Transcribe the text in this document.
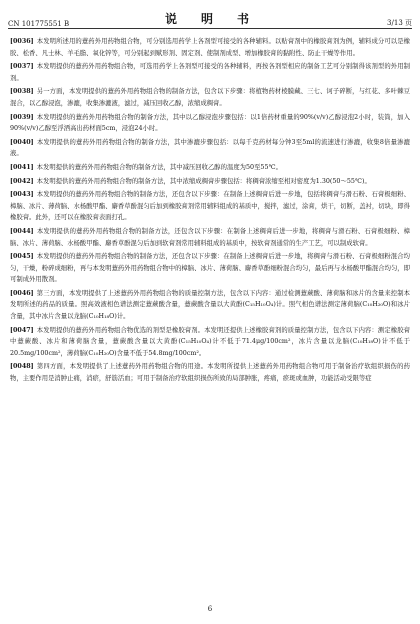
CN 101775551 B	说　明　书	3/13 页

[0036] 本发明所述用的薏药外用药物组合物，可分别选用药学上各剂型可接受的各种辅料。以贴膏剂中的橡胶膏剂为例，辅料成分可以是橡胶、松香、凡士林、羊毛脂、氧化锌等，可分别起到赋形剂、固定剂、使制剂成型、增加橡胶膏的黏附性、防止干燥等作用。

[0037] 本发明提供的薏药外用药物组合物，可选用药学上各剂型可接受的各种辅料，再按各剂型相应的制备工艺可分别制得该剂型的外用制剂。

[0038] 另一方面，本发明提供的薏药外用药物组合物的制备方法，包含以下步骤：将植物药材棱膜藏、三七、诃子碎断，与红花、多叶棘豆混合，以乙醇浸泡，渗漉，收集渗漉液，滤过，减压回收乙醇，浓缩成稠膏。

[0039] 本发明提供的薏药外用药物组合物的制备方法，其中以乙醇浸泡步骤包括：以1倍药材重量的90%(v/v)乙醇浸泡2小时，装筒，加入90%(v/v)乙醇至浮洒高出药材面5cm，浸泡24小时。

[0040] 本发明提供的薏药外用药物组合物的制备方法，其中渗漉步骤包括：以每千克药材每分钟3至5ml的流速进行渗漉，收集8倍量渗漉液。

[0041] 本发明提供的薏药外用药物组合物的制备方法，其中减压回收乙醇的温度为50至55℃。

[0042] 本发明提供的薏药外用药物组合物的制备方法，其中浓缩成稠膏步骤包括：将稠膏浓缩至相对密度为1.30(50～55℃)。

[0043] 本发明提供的薏药外用药物组合物的制备方法，还包含以下步骤：在制备上述稠膏后进一步地，包括将稠膏与滑石粉、石膏极细粉、樟脑、冰片、薄荷脑、水杨酸甲酯、麝香草酚混匀后加到橡胶膏剂常用辅料组成的基质中，搅拌，滤过，涂膏，烘干，切断，盖衬，切块，即得橡胶膏。此外，还可以在橡胶膏表面打孔。

[0044] 本发明提供的薏药外用药物组合物的制备方法，还包含以下步骤：在制备上述稠膏后进一步地，将稠膏与滑石粉、石膏极细粉、樟脑、冰片、薄荷脑、水杨酸甲酯、麝香草酚混匀后加到软膏剂常用辅料组成的基质中，按软膏剂通常的生产工艺，可以制成软膏。

[0045] 本发明提供的薏药外用药物组合物的制备方法，还包含以下步骤：在制备上述稠膏后进一步地，将稠膏与滑石粉、石膏极细粉混合均匀，干燥，粉碎成细粉，再与本发明薏药外用药物组合物中的樟脑、冰片、薄荷脑、麝香草酚细粉混合均匀，最后再与水杨酸甲酯混合均匀，即可制成外用散剂。

[0046] 第三方面，本发明提供了上述薏药外用药物组合物的质量控制方法，包含以下内容：通过检测薏蕨酸、薄荷脑和冰片的含量来控制本发明所述的药品的质量。照高效液相色谱法测定薏蕨酸含量，薏蕨酸含量以大黄酚(C₁₅H₁₀O₄)计。照气相色谱法测定薄荷脑(C₁₀H₂₀O)和冰片含量，其中冰片含量以龙脑(C₁₀H₁₈O)计。

[0047] 本发明提供的薏药外用药物组合物优选的剂型是橡胶膏剂。本发明还提供上述橡胶膏剂的质量控制方法，包含以下内容：测定橡胶膏中薏蕨酸、冰片和薄荷脑含量，薏蕨酸含量以大黄酚(C₁₅H₁₀O₄)计不低于71.4μg/100cm²，冰片含量以龙脑(C₁₀H₁₈O)计不低于20.5mg/100cm²，薄荷脑(C₁₀H₂₀O)含量不低于54.8mg/100cm²。

[0048] 第四方面，本发明提供了上述薏药外用药物组合物的用途。本发明所提供上述薏药外用药物组合物可用于制备治疗软组织损伤的药物，主要作用是消肿止痛，消瘀，舒筋活血；可用于制备治疗软组织损伤所致的局部肿胀，疼痛，瘀斑或血肿，功能活动受限等症

6
